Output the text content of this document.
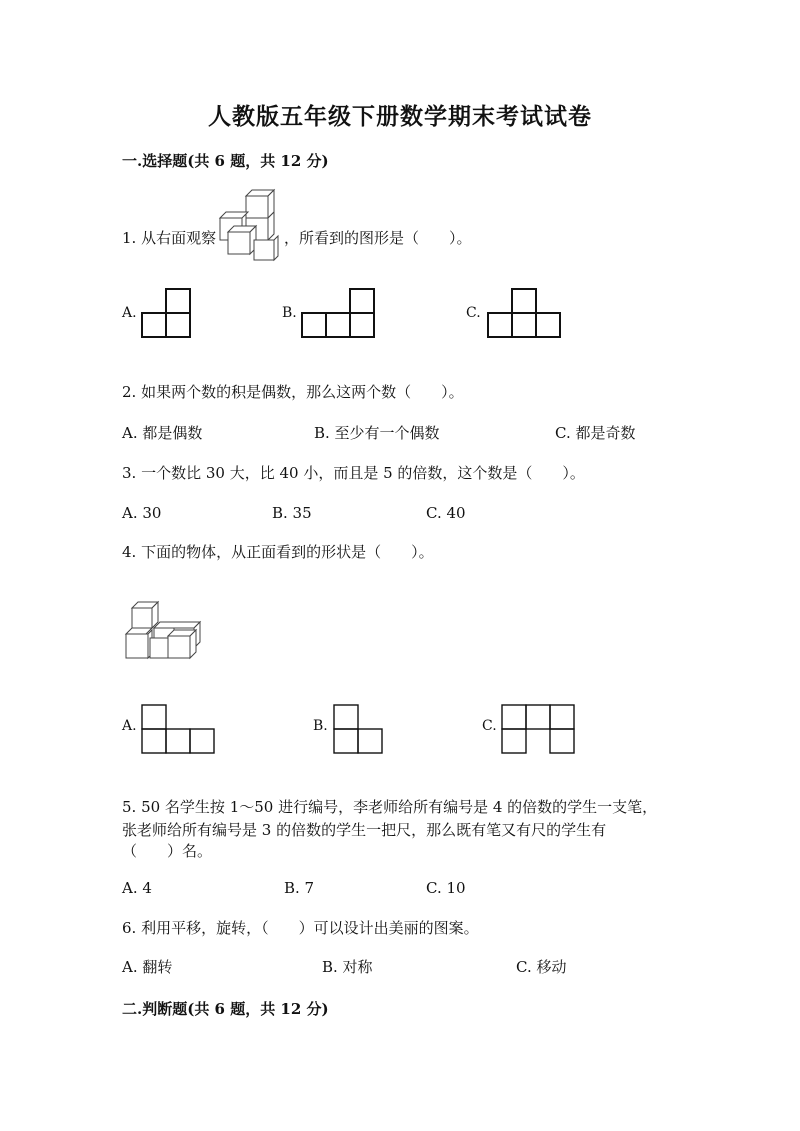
人教版五年级下册数学期末考试试卷
一.选择题(共 6 题，共 12 分)
1. 从右面观察	，所看到的图形是（　　）。
A.	B.	C.
2. 如果两个数的积是偶数，那么这两个数（　　）。
A. 都是偶数	B. 至少有一个偶数	C. 都是奇数
3. 一个数比 30 大，比 40 小，而且是 5 的倍数，这个数是（　　）。
A. 30	B. 35	C. 40
4. 下面的物体，从正面看到的形状是（　　）。
A.	B.	C.
5. 50 名学生按 1～50 进行编号，李老师给所有编号是 4 的倍数的学生一支笔，
张老师给所有编号是 3 的倍数的学生一把尺，那么既有笔又有尺的学生有
（　　）名。
A. 4	B. 7	C. 10
6. 利用平移，旋转，（　　）可以设计出美丽的图案。
A. 翻转	B. 对称	C. 移动
二.判断题(共 6 题，共 12 分)
